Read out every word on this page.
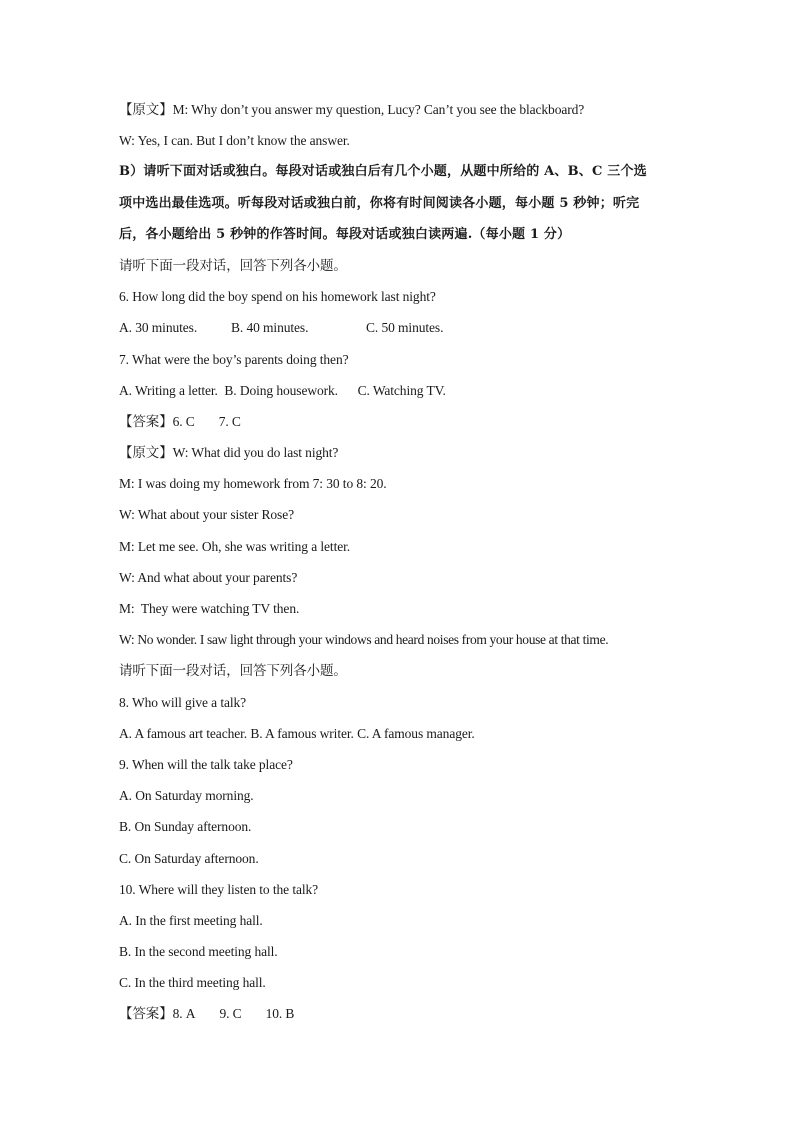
【原文】M: Why don’t you answer my question, Lucy? Can’t you see the blackboard?
W: Yes, I can. But I don’t know the answer.
B）请听下面对话或独白。每段对话或独白后有几个小题，从题中所给的 A、B、C 三个选
项中选出最佳选项。听每段对话或独白前，你将有时间阅读各小题，每小题 5 秒钟；听完
后，各小题给出 5 秒钟的作答时间。每段对话或独白读两遍.（每小题 1 分）
请听下面一段对话，回答下列各小题。
6. How long did the boy spend on his homework last night?
A. 30 minutes.	B. 40 minutes.	C. 50 minutes.
7. What were the boy’s parents doing then?
A. Writing a letter.  B. Doing housework.      C. Watching TV.
【答案】6. C 7. C
【原文】W: What did you do last night?
M: I was doing my homework from 7: 30 to 8: 20.
W: What about your sister Rose?
M: Let me see. Oh, she was writing a letter.
W: And what about your parents?
M:  They were watching TV then.
W: No wonder. I saw light through your windows and heard noises from your house at that time.
请听下面一段对话，回答下列各小题。
8. Who will give a talk?
A. A famous art teacher. B. A famous writer. C. A famous manager.
9. When will the talk take place?
A. On Saturday morning.
B. On Sunday afternoon.
C. On Saturday afternoon.
10. Where will they listen to the talk?
A. In the first meeting hall.
B. In the second meeting hall.
C. In the third meeting hall.
【答案】8. A 9. C 10. B
